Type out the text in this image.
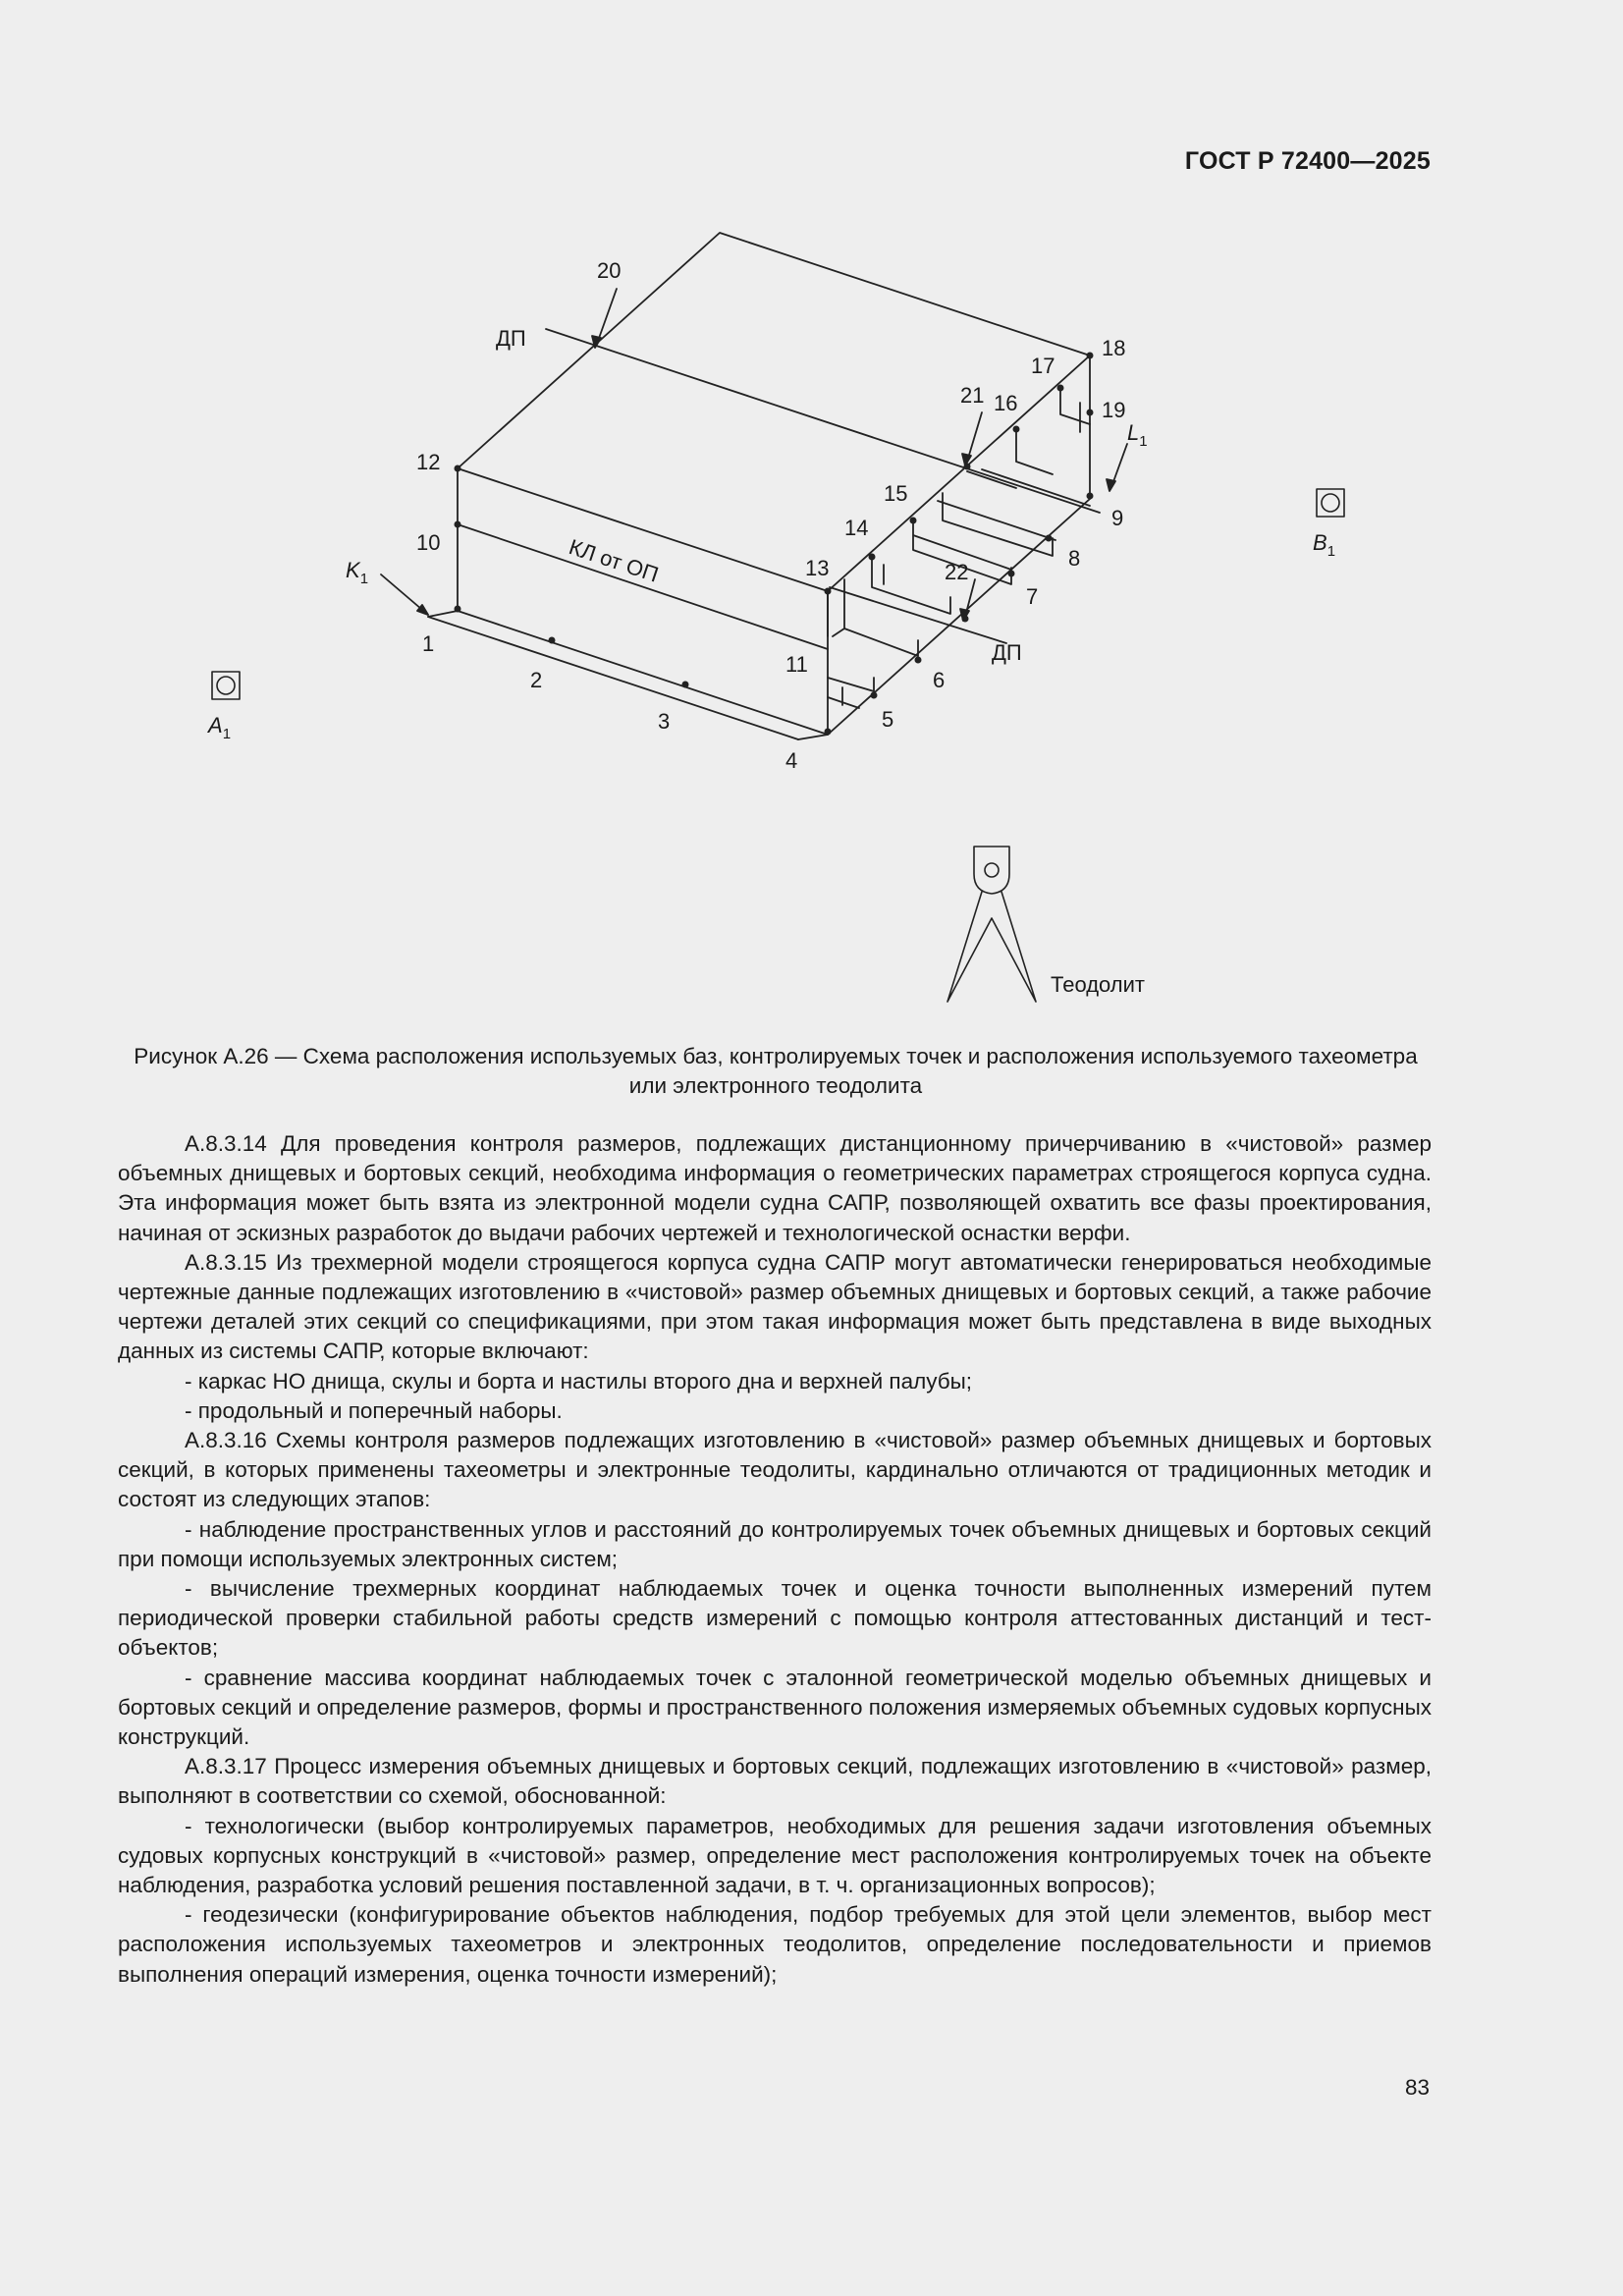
ГОСТ Р 72400—2025
1
2
3
4
5
6
7
8
9
10
11
12
13
14
15
16
17
18
19
20
21
22
ДП
ДП
КЛ от ОП
$K_1$
$L_1$
$A_1$
$B_1$
Теодолит
Рисунок А.26 — Схема расположения используемых баз, контролируемых точек и расположения используемого тахеометра или электронного теодолита

А.8.3.14 Для проведения контроля размеров, подлежащих дистанционному причерчиванию в «чистовой» размер объемных днищевых и бортовых секций, необходима информация о геометрических параметрах строящегося корпуса судна. Эта информация может быть взята из электронной модели судна САПР, позволяющей охватить все фазы проектирования, начиная от эскизных разработок до выдачи рабочих чертежей и технологической оснастки верфи.

А.8.3.15 Из трехмерной модели строящегося корпуса судна САПР могут автоматически генерироваться необходимые чертежные данные подлежащих изготовлению в «чистовой» размер объемных днищевых и бортовых секций, а также рабочие чертежи деталей этих секций со спецификациями, при этом такая информация может быть представлена в виде выходных данных из системы САПР, которые включают:

- каркас НО днища, скулы и борта и настилы второго дна и верхней палубы;

- продольный и поперечный наборы.

А.8.3.16 Схемы контроля размеров подлежащих изготовлению в «чистовой» размер объемных днищевых и бортовых секций, в которых применены тахеометры и электронные теодолиты, кардинально отличаются от традиционных методик и состоят из следующих этапов:

- наблюдение пространственных углов и расстояний до контролируемых точек объемных днищевых и бортовых секций при помощи используемых электронных систем;

- вычисление трехмерных координат наблюдаемых точек и оценка точности выполненных измерений путем периодической проверки стабильной работы средств измерений с помощью контроля аттестованных дистанций и тест-объектов;

- сравнение массива координат наблюдаемых точек с эталонной геометрической моделью объемных днищевых и бортовых секций и определение размеров, формы и пространственного положения измеряемых объемных судовых корпусных конструкций.

А.8.3.17 Процесс измерения объемных днищевых и бортовых секций, подлежащих изготовлению в «чистовой» размер, выполняют в соответствии со схемой, обоснованной:

- технологически (выбор контролируемых параметров, необходимых для решения задачи изготовления объемных судовых корпусных конструкций в «чистовой» размер, определение мест расположения контролируемых точек на объекте наблюдения, разработка условий решения поставленной задачи, в т. ч. организационных вопросов);

- геодезически (конфигурирование объектов наблюдения, подбор требуемых для этой цели элементов, выбор мест расположения используемых тахеометров и электронных теодолитов, определение последовательности и приемов выполнения операций измерения, оценка точности измерений);

83
